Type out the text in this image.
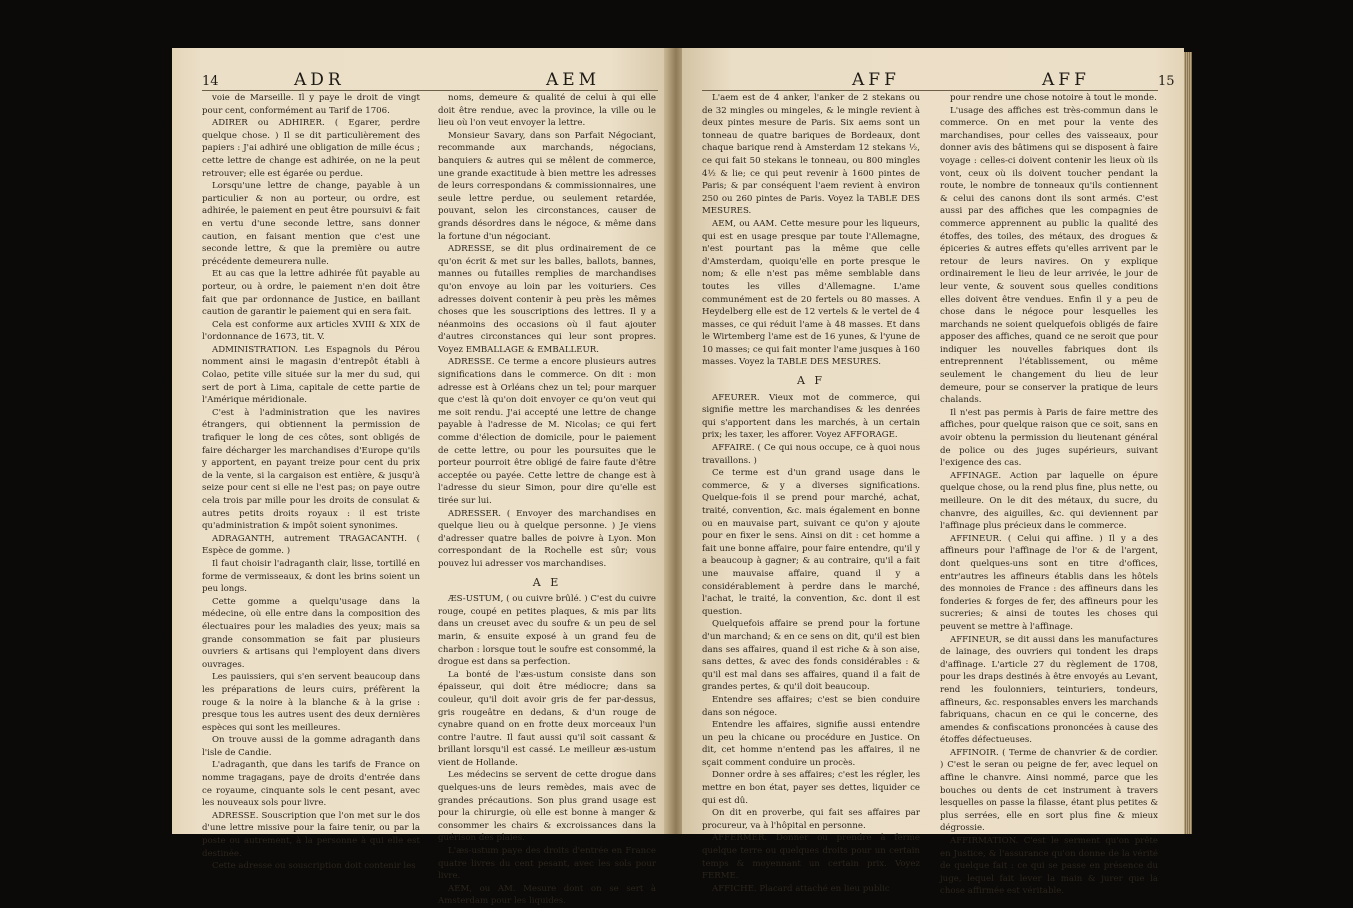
14	ADR	AEM

voie de Marseille. Il y paye le droit de vingt pour cent, conformément au Tarif de 1706.

ADIRER ou ADHIRER. ( Egarer, perdre quelque chose. ) Il se dit particulièrement des papiers : J'ai adhiré une obligation de mille écus ; cette lettre de change est adhirée, on ne la peut retrouver; elle est égarée ou perdue.

Lorsqu'une lettre de change, payable à un particulier & non au porteur, ou ordre, est adhirée, le paiement en peut être poursuivi & fait en vertu d'une seconde lettre, sans donner caution, en faisant mention que c'est une seconde lettre, & que la première ou autre précédente demeurera nulle.

Et au cas que la lettre adhirée fût payable au porteur, ou à ordre, le paiement n'en doit être fait que par ordonnance de Justice, en baillant caution de garantir le paiement qui en sera fait.

Cela est conforme aux articles XVIII & XIX de l'ordonnance de 1673, tit. V.

ADMINISTRATION. Les Espagnols du Pérou nomment ainsi le magasin d'entrepôt établi à Colao, petite ville située sur la mer du sud, qui sert de port à Lima, capitale de cette partie de l'Amérique méridionale.

C'est à l'administration que les navires étrangers, qui obtiennent la permission de trafiquer le long de ces côtes, sont obligés de faire décharger les marchandises d'Europe qu'ils y apportent, en payant treize pour cent du prix de la vente, si la cargaison est entière, & jusqu'à seize pour cent si elle ne l'est pas; on paye outre cela trois par mille pour les droits de consulat & autres petits droits royaux : il est triste qu'administration & impôt soient synonimes.

ADRAGANTH, autrement TRAGACANTH. ( Espèce de gomme. )

Il faut choisir l'adraganth clair, lisse, tortillé en forme de vermisseaux, & dont les brins soient un peu longs.

Cette gomme a quelqu'usage dans la médecine, où elle entre dans la composition des électuaires pour les maladies des yeux; mais sa grande consommation se fait par plusieurs ouvriers & artisans qui l'employent dans divers ouvrages.

Les pauissiers, qui s'en servent beaucoup dans les préparations de leurs cuirs, préfèrent la rouge & la noire à la blanche & à la grise : presque tous les autres usent des deux dernières espèces qui sont les meilleures.

On trouve aussi de la gomme adraganth dans l'isle de Candie.

L'adraganth, que dans les tarifs de France on nomme tragagans, paye de droits d'entrée dans ce royaume, cinquante sols le cent pesant, avec les nouveaux sols pour livre.

ADRESSE. Souscription que l'on met sur le dos d'une lettre missive pour la faire tenir, ou par la poste ou autrement, à la personne à qui elle est destinée.

Cette adresse ou souscription doit contenir les

noms, demeure & qualité de celui à qui elle doit être rendue, avec la province, la ville ou le lieu où l'on veut envoyer la lettre.

Monsieur Savary, dans son Parfait Négociant, recommande aux marchands, négocians, banquiers & autres qui se mêlent de commerce, une grande exactitude à bien mettre les adresses de leurs correspondans & commissionnaires, une seule lettre perdue, ou seulement retardée, pouvant, selon les circonstances, causer de grands désordres dans le négoce, & même dans la fortune d'un négociant.

ADRESSE, se dit plus ordinairement de ce qu'on écrit & met sur les balles, ballots, bannes, mannes ou futailles remplies de marchandises qu'on envoye au loin par les voituriers. Ces adresses doivent contenir à peu près les mêmes choses que les souscriptions des lettres. Il y a néanmoins des occasions où il faut ajouter d'autres circonstances qui leur sont propres. Voyez EMBALLAGE & EMBALLEUR.

ADRESSE. Ce terme a encore plusieurs autres significations dans le commerce. On dit : mon adresse est à Orléans chez un tel; pour marquer que c'est là qu'on doit envoyer ce qu'on veut qui me soit rendu. J'ai accepté une lettre de change payable à l'adresse de M. Nicolas; ce qui fert comme d'élection de domicile, pour le paiement de cette lettre, ou pour les poursuites que le porteur pourroit être obligé de faire faute d'être acceptée ou payée. Cette lettre de change est à l'adresse du sieur Simon, pour dire qu'elle est tirée sur lui.

ADRESSER. ( Envoyer des marchandises en quelque lieu ou à quelque personne. ) Je viens d'adresser quatre balles de poivre à Lyon. Mon correspondant de la Rochelle est sûr; vous pouvez lui adresser vos marchandises.

A E

ÆS-USTUM, ( ou cuivre brûlé. ) C'est du cuivre rouge, coupé en petites plaques, & mis par lits dans un creuset avec du soufre & un peu de sel marin, & ensuite exposé à un grand feu de charbon : lorsque tout le soufre est consommé, la drogue est dans sa perfection.

La bonté de l'æs-ustum consiste dans son épaisseur, qui doit être médiocre; dans sa couleur, qu'il doit avoir gris de fer par-dessus, gris rougeâtre en dedans, & d'un rouge de cynabre quand on en frotte deux morceaux l'un contre l'autre. Il faut aussi qu'il soit cassant & brillant lorsqu'il est cassé. Le meilleur æs-ustum vient de Hollande.

Les médecins se servent de cette drogue dans quelques-uns de leurs remèdes, mais avec de grandes précautions. Son plus grand usage est pour la chirurgie, où elle est bonne à manger & consommer les chairs & excroissances dans la guérison des plaies.

L'æs-ustum paye des droits d'entrée en France quatre livres du cent pesant, avec les sols pour livre.

AEM, ou AM. Mesure dont on se sert à Amsterdam pour les liquides.

AFF	AFF	15

L'aem est de 4 anker, l'anker de 2 stekans ou de 32 mingles ou mingeles, & le mingle revient à deux pintes mesure de Paris. Six aems sont un tonneau de quatre bariques de Bordeaux, dont chaque barique rend à Amsterdam 12 stekans ½, ce qui fait 50 stekans le tonneau, ou 800 mingles 4½ & lie; ce qui peut revenir à 1600 pintes de Paris; & par conséquent l'aem revient à environ 250 ou 260 pintes de Paris. Voyez la TABLE DES MESURES.

AEM, ou AAM. Cette mesure pour les liqueurs, qui est en usage presque par toute l'Allemagne, n'est pourtant pas la même que celle d'Amsterdam, quoiqu'elle en porte presque le nom; & elle n'est pas même semblable dans toutes les villes d'Allemagne. L'ame communément est de 20 fertels ou 80 masses. A Heydelberg elle est de 12 vertels & le vertel de 4 masses, ce qui réduit l'ame à 48 masses. Et dans le Wirtemberg l'ame est de 16 yunes, & l'yune de 10 masses; ce qui fait monter l'ame jusques à 160 masses. Voyez la TABLE DES MESURES.

A F

AFEURER. Vieux mot de commerce, qui signifie mettre les marchandises & les denrées qui s'apportent dans les marchés, à un certain prix; les taxer, les afforer. Voyez AFFORAGE.

AFFAIRE. ( Ce qui nous occupe, ce à quoi nous travaillons. )

Ce terme est d'un grand usage dans le commerce, & y a diverses significations. Quelque-fois il se prend pour marché, achat, traité, convention, &c. mais également en bonne ou en mauvaise part, suivant ce qu'on y ajoute pour en fixer le sens. Ainsi on dit : cet homme a fait une bonne affaire, pour faire entendre, qu'il y a beaucoup à gagner; & au contraire, qu'il a fait une mauvaise affaire, quand il y a considérablement à perdre dans le marché, l'achat, le traité, la convention, &c. dont il est question.

Quelquefois affaire se prend pour la fortune d'un marchand; & en ce sens on dit, qu'il est bien dans ses affaires, quand il est riche & à son aise, sans dettes, & avec des fonds considérables : & qu'il est mal dans ses affaires, quand il a fait de grandes pertes, & qu'il doit beaucoup.

Entendre ses affaires; c'est se bien conduire dans son négoce.

Entendre les affaires, signifie aussi entendre un peu la chicane ou procédure en Justice. On dit, cet homme n'entend pas les affaires, il ne sçait comment conduire un procès.

Donner ordre à ses affaires; c'est les régler, les mettre en bon état, payer ses dettes, liquider ce qui est dû.

On dit en proverbe, qui fait ses affaires par procureur, va à l'hôpital en personne.

AFFERMER. Donner ou prendre à ferme quelque terre ou quelques droits pour un certain temps & moyennant un certain prix. Voyez FERME.

AFFICHE. Placard attaché en lieu public

pour rendre une chose notoire à tout le monde.

L'usage des affiches est très-commun dans le commerce. On en met pour la vente des marchandises, pour celles des vaisseaux, pour donner avis des bâtimens qui se disposent à faire voyage : celles-ci doivent contenir les lieux où ils vont, ceux où ils doivent toucher pendant la route, le nombre de tonneaux qu'ils contiennent & celui des canons dont ils sont armés. C'est aussi par des affiches que les compagnies de commerce apprennent au public la qualité des étoffes, des toiles, des métaux, des drogues & épiceries & autres effets qu'elles arrivent par le retour de leurs navires. On y explique ordinairement le lieu de leur arrivée, le jour de leur vente, & souvent sous quelles conditions elles doivent être vendues. Enfin il y a peu de chose dans le négoce pour lesquelles les marchands ne soient quelquefois obligés de faire apposer des affiches, quand ce ne seroit que pour indiquer les nouvelles fabriques dont ils entreprennent l'établissement, ou même seulement le changement du lieu de leur demeure, pour se conserver la pratique de leurs chalands.

Il n'est pas permis à Paris de faire mettre des affiches, pour quelque raison que ce soit, sans en avoir obtenu la permission du lieutenant général de police ou des juges supérieurs, suivant l'exigence des cas.

AFFINAGE. Action par laquelle on épure quelque chose, ou la rend plus fine, plus nette, ou meilleure. On le dit des métaux, du sucre, du chanvre, des aiguilles, &c. qui deviennent par l'affinage plus précieux dans le commerce.

AFFINEUR. ( Celui qui affine. ) Il y a des affineurs pour l'affinage de l'or & de l'argent, dont quelques-uns sont en titre d'offices, entr'autres les affineurs établis dans les hôtels des monnoies de France : des affineurs dans les fonderies & forges de fer, des affineurs pour les sucreries; & ainsi de toutes les choses qui peuvent se mettre à l'affinage.

AFFINEUR, se dit aussi dans les manufactures de lainage, des ouvriers qui tondent les draps d'affinage. L'article 27 du règlement de 1708, pour les draps destinés à être envoyés au Levant, rend les foulonniers, teinturiers, tondeurs, affineurs, &c. responsables envers les marchands fabriquans, chacun en ce qui le concerne, des amendes & confiscations prononcées à cause des étoffes défectueuses.

AFFINOIR. ( Terme de chanvrier & de cordier. ) C'est le seran ou peigne de fer, avec lequel on affine le chanvre. Ainsi nommé, parce que les bouches ou dents de cet instrument à travers lesquelles on passe la filasse, étant plus petites & plus serrées, elle en sort plus fine & mieux dégrossie.

AFFIRMATION. C'est le serment qu'on prête en Justice, & l'assurance qu'on donne de la vérité de quelque fait : ce qui se passe en présence du juge, lequel fait lever la main & jurer que la chose affirmée est véritable.
